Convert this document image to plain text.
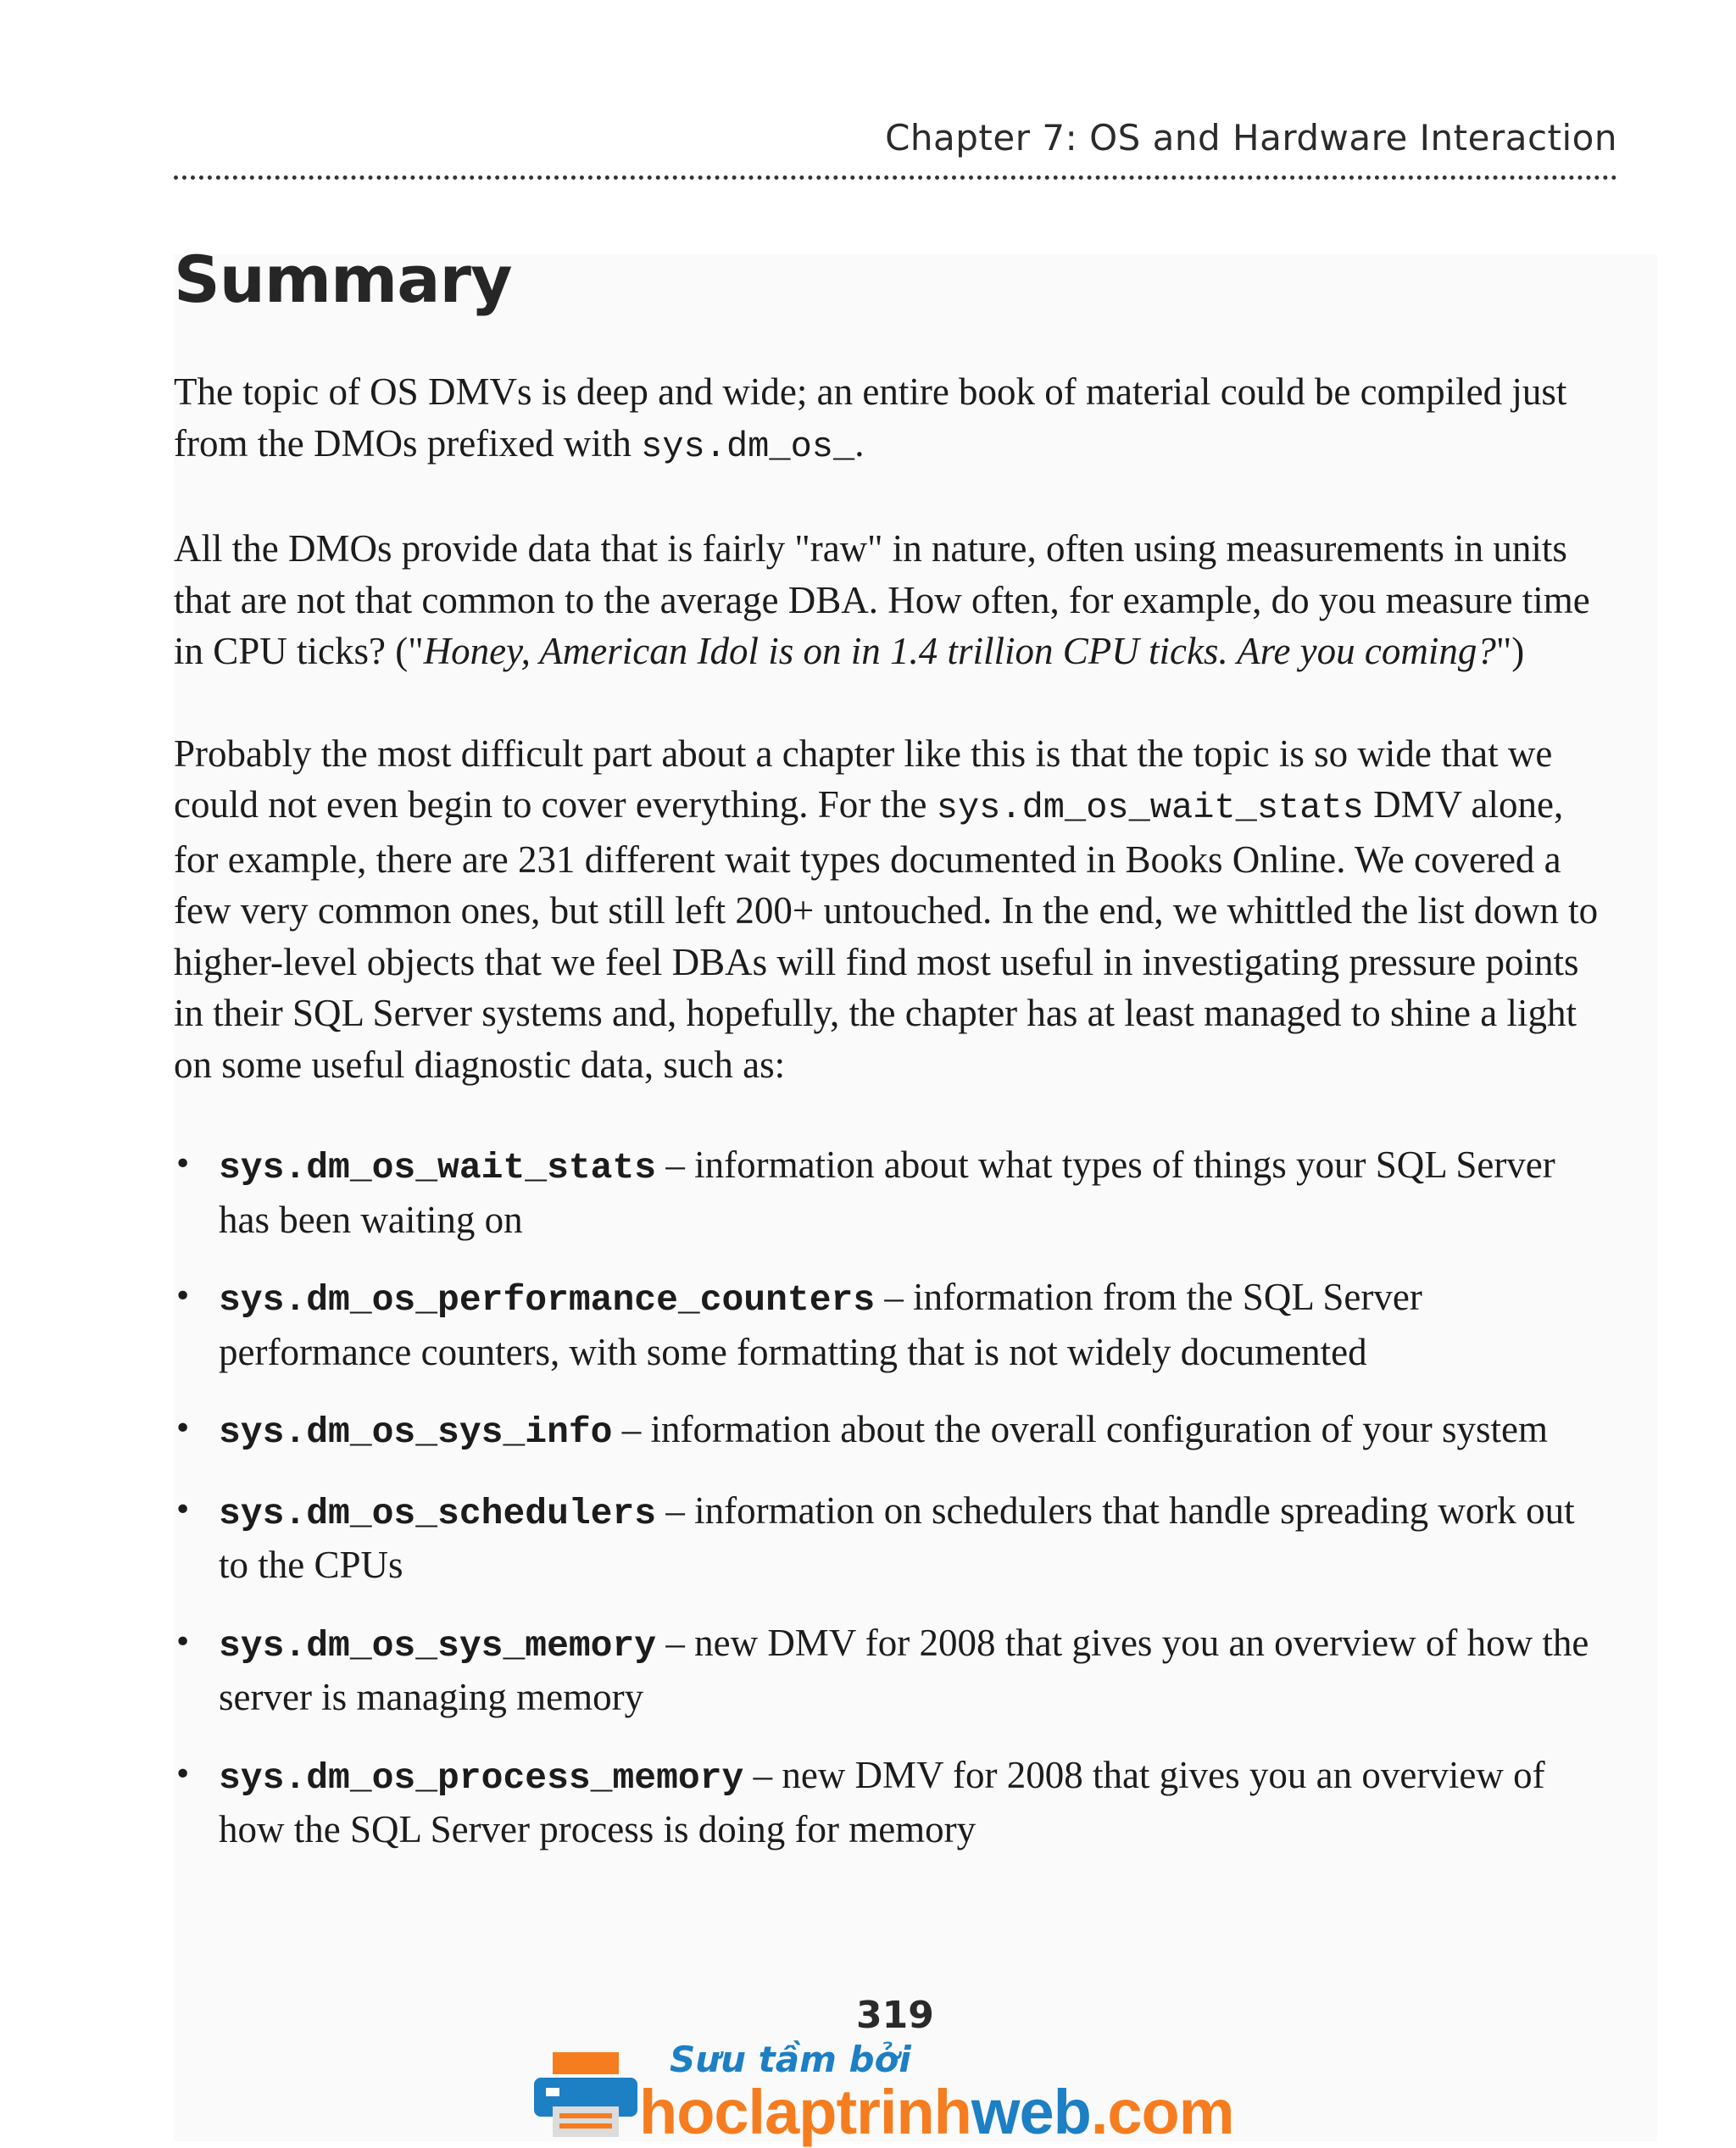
Chapter 7: OS and Hardware Interaction
Summary

The topic of OS DMVs is deep and wide; an entire book of material could be compiled just from the DMOs prefixed with sys.dm_os_.

All the DMOs provide data that is fairly "raw" in nature, often using measurements in units that are not that common to the average DBA. How often, for example, do you measure time in CPU ticks? ("Honey, American Idol is on in 1.4 trillion CPU ticks. Are you coming?")

Probably the most difficult part about a chapter like this is that the topic is so wide that we could not even begin to cover everything. For the sys.dm_os_wait_stats DMV alone, for example, there are 231 different wait types documented in Books Online. We covered a few very common ones, but still left 200+ untouched. In the end, we whittled the list down to higher-level objects that we feel DBAs will find most useful in investigating pressure points in their SQL Server systems and, hopefully, the chapter has at least managed to shine a light on some useful diagnostic data, such as:

• sys.dm_os_wait_stats – information about what types of things your SQL Server has been waiting on
• sys.dm_os_performance_counters – information from the SQL Server performance counters, with some formatting that is not widely documented
• sys.dm_os_sys_info – information about the overall configuration of your system
• sys.dm_os_schedulers – information on schedulers that handle spreading work out to the CPUs
• sys.dm_os_sys_memory – new DMV for 2008 that gives you an overview of how the server is managing memory
• sys.dm_os_process_memory – new DMV for 2008 that gives you an overview of how the SQL Server process is doing for memory
319
Sưu tầm bởi
hoclaptrinhweb.com
